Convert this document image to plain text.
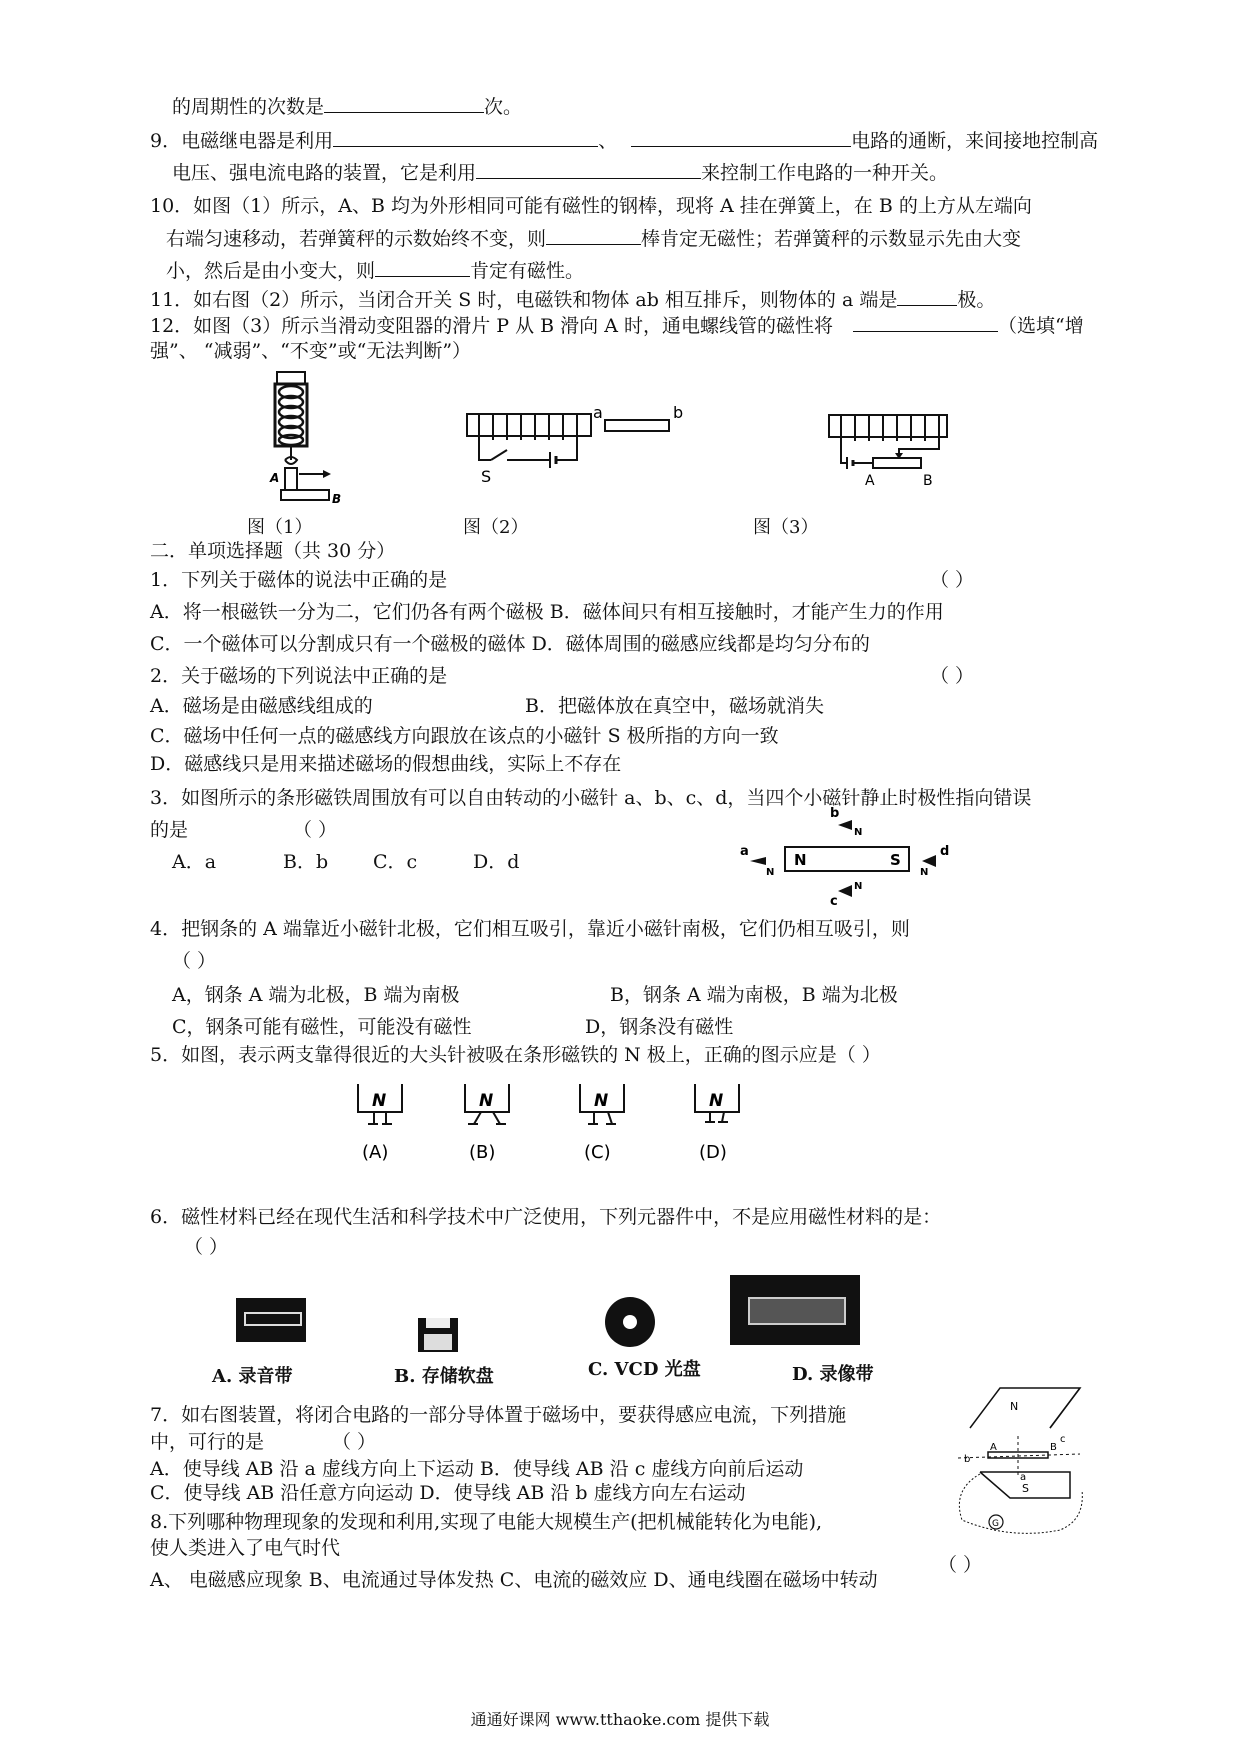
的周期性的次数是	次。
9．电磁继电器是利用	、	电路的通断，来间接地控制高
电压、强电流电路的装置，它是利用	来控制工作电路的一种开关。
10．如图（1）所示，A、B 均为外形相同可能有磁性的钢棒，现将 A 挂在弹簧上，在 B 的上方从左端向
右端匀速移动，若弹簧秤的示数始终不变，则	棒肯定无磁性；若弹簧秤的示数显示先由大变
小，然后是由小变大，则	肯定有磁性。
11．如右图（2）所示，当闭合开关 S 时，电磁铁和物体 ab 相互排斥，则物体的 a 端是	极。
12．如图（3）所示当滑动变阻器的滑片 P 从 B 滑向 A 时，通电螺线管的磁性将	（选填“增
强”、 “减弱”、“不变”或“无法判断”）
A
B
图（1）
a	b
S
图（2）
A	B
图（3）
二．单项选择题（共 30 分）
1．下列关于磁体的说法中正确的是	（ ）
A．将一根磁铁一分为二，它们仍各有两个磁极 B．磁体间只有相互接触时，才能产生力的作用
C．一个磁体可以分割成只有一个磁极的磁体 D．磁体周围的磁感应线都是均匀分布的
2．关于磁场的下列说法中正确的是	（ ）
A．磁场是由磁感线组成的	B．把磁体放在真空中，磁场就消失
C．磁场中任何一点的磁感线方向跟放在该点的小磁针 S 极所指的方向一致
D．磁感线只是用来描述磁场的假想曲线，实际上不存在
3．如图所示的条形磁铁周围放有可以自由转动的小磁针 a、b、c、d，当四个小磁针静止时极性指向错误
的是	（ ）
A．a	B．b C．c	D．d	N	S
b
N
a
N
d
N
c
N
4．把钢条的 A 端靠近小磁针北极，它们相互吸引，靠近小磁针南极，它们仍相互吸引，则
（ ）
A，钢条 A 端为北极，B 端为南极	B，钢条 A 端为南极，B 端为北极
C，钢条可能有磁性，可能没有磁性	D，钢条没有磁性
5．如图，表示两支靠得很近的大头针被吸在条形磁铁的 N 极上，正确的图示应是（ ）
N
(A)
N
(B)
N
(C)
N
(D)
6．磁性材料已经在现代生活和科学技术中广泛使用，下列元器件中，不是应用磁性材料的是：
（ ）
A. 录音带	B. 存储软盘	C. VCD 光盘	D. 录像带
7．如右图装置，将闭合电路的一部分导体置于磁场中，要获得感应电流，下列措施
中，可行的是	（ ）
A．使导线 AB 沿 a 虚线方向上下运动 B．使导线 AB 沿 c 虚线方向前后运动
C．使导线 AB 沿任意方向运动 D．使导线 AB 沿 b 虚线方向左右运动
N
b
A	B
a
c
S
G
8.下列哪种物理现象的发现和利用,实现了电能大规模生产(把机械能转化为电能),
使人类进入了电气时代
（ ）
A、 电磁感应现象 B、电流通过导体发热 C、电流的磁效应 D、通电线圈在磁场中转动
通通好课网 www.tthaoke.com 提供下载
